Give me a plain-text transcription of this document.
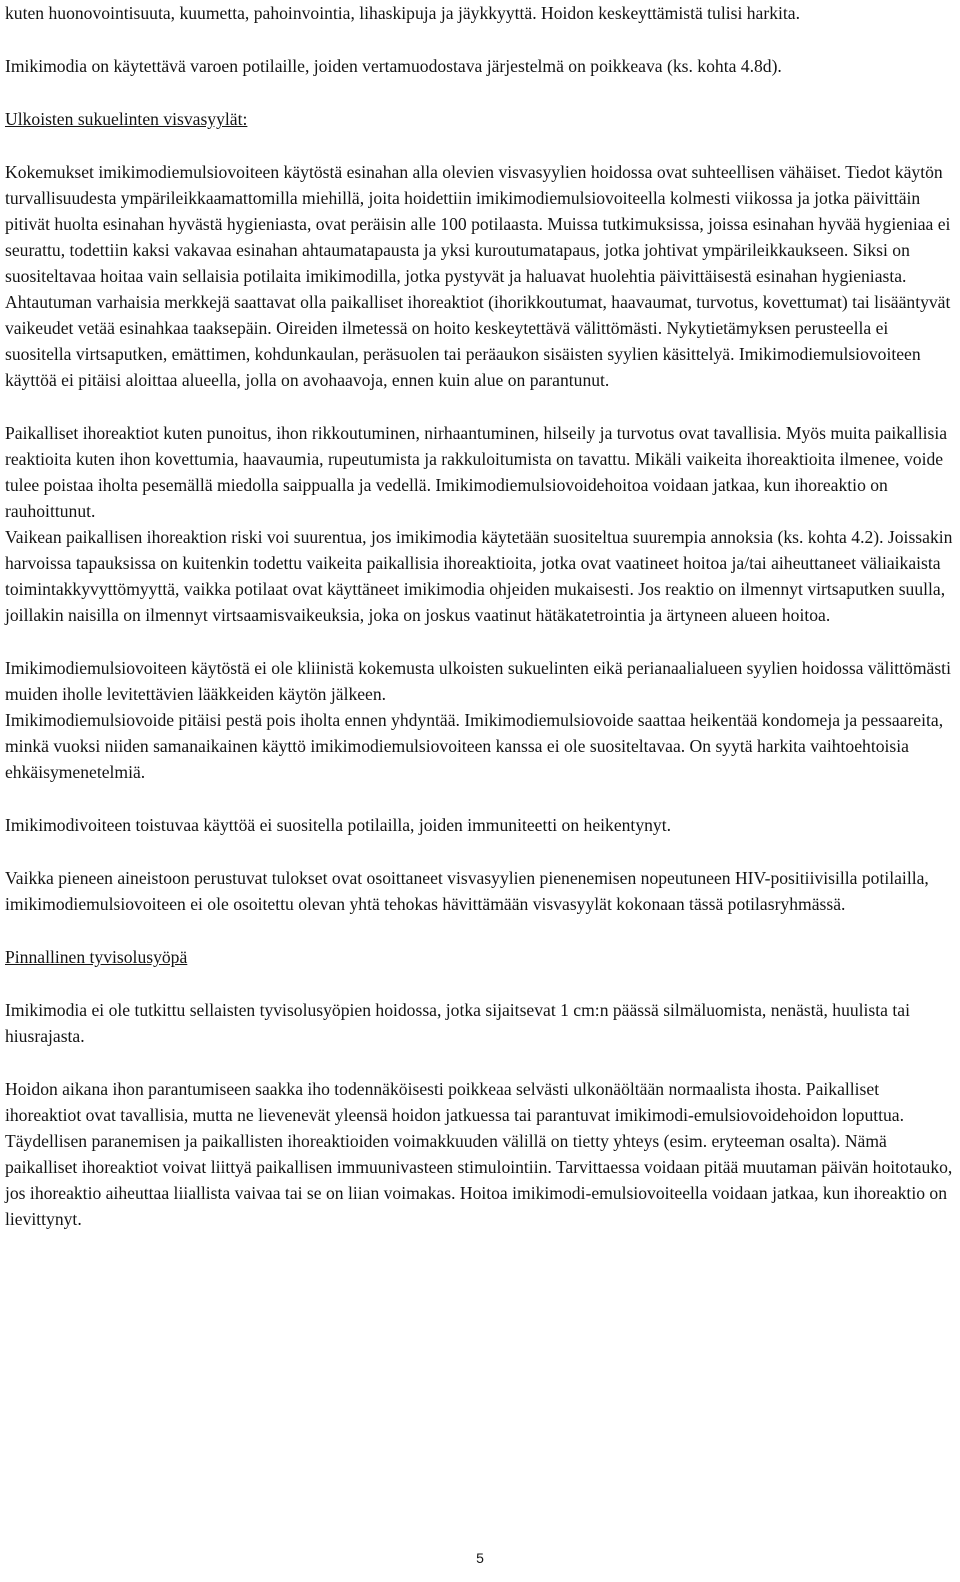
kuten huonovointisuuta, kuumetta, pahoinvointia, lihaskipuja ja jäykkyyttä. Hoidon keskeyttämistä tulisi harkita.

Imikimodia on käytettävä varoen potilaille, joiden vertamuodostava järjestelmä on poikkeava (ks. kohta 4.8d).

Ulkoisten sukuelinten visvasyylät:

Kokemukset imikimodiemulsiovoiteen käytöstä esinahan alla olevien visvasyylien hoidossa ovat suhteellisen vähäiset. Tiedot käytön turvallisuudesta ympärileikkaamattomilla miehillä, joita hoidettiin imikimodiemulsiovoiteella kolmesti viikossa ja jotka päivittäin pitivät huolta esinahan hyvästä hygieniasta, ovat peräisin alle 100 potilaasta. Muissa tutkimuksissa, joissa esinahan hyvää hygieniaa ei seurattu, todettiin kaksi vakavaa esinahan ahtaumatapausta ja yksi kuroutumatapaus, jotka johtivat ympärileikkaukseen. Siksi on suositeltavaa hoitaa vain sellaisia potilaita imikimodilla, jotka pystyvät ja haluavat huolehtia päivittäisestä esinahan hygieniasta. Ahtautuman varhaisia merkkejä saattavat olla paikalliset ihoreaktiot (ihorikkoutumat, haavaumat, turvotus, kovettumat) tai lisääntyvät vaikeudet vetää esinahkaa taaksepäin. Oireiden ilmetessä on hoito keskeytettävä välittömästi. Nykytietämyksen perusteella ei suositella virtsaputken, emättimen, kohdunkaulan, peräsuolen tai peräaukon sisäisten syylien käsittelyä. Imikimodiemulsiovoiteen käyttöä ei pitäisi aloittaa alueella, jolla on avohaavoja, ennen kuin alue on parantunut.

Paikalliset ihoreaktiot kuten punoitus, ihon rikkoutuminen, nirhaantuminen, hilseily ja turvotus ovat tavallisia. Myös muita paikallisia reaktioita kuten ihon kovettumia, haavaumia, rupeutumista ja rakkuloitumista on tavattu. Mikäli vaikeita ihoreaktioita ilmenee, voide tulee poistaa iholta pesemällä miedolla saippualla ja vedellä. Imikimodiemulsiovoidehoitoa voidaan jatkaa, kun ihoreaktio on rauhoittunut.

Vaikean paikallisen ihoreaktion riski voi suurentua, jos imikimodia käytetään suositeltua suurempia annoksia (ks. kohta 4.2). Joissakin harvoissa tapauksissa on kuitenkin todettu vaikeita paikallisia ihoreaktioita, jotka ovat vaatineet hoitoa ja/tai aiheuttaneet väliaikaista toimintakkyvyttömyyttä, vaikka potilaat ovat käyttäneet imikimodia ohjeiden mukaisesti. Jos reaktio on ilmennyt virtsaputken suulla, joillakin naisilla on ilmennyt virtsaamisvaikeuksia, joka on joskus vaatinut hätäkatetrointia ja ärtyneen alueen hoitoa.

Imikimodiemulsiovoiteen käytöstä ei ole kliinistä kokemusta ulkoisten sukuelinten eikä perianaalialueen syylien hoidossa välittömästi muiden iholle levitettävien lääkkeiden käytön jälkeen.

Imikimodiemulsiovoide pitäisi pestä pois iholta ennen yhdyntää. Imikimodiemulsiovoide saattaa heikentää kondomeja ja pessaareita, minkä vuoksi niiden samanaikainen käyttö imikimodiemulsiovoiteen kanssa ei ole suositeltavaa. On syytä harkita vaihtoehtoisia ehkäisymenetelmiä.

Imikimodivoiteen toistuvaa käyttöä ei suositella potilailla, joiden immuniteetti on heikentynyt.

Vaikka pieneen aineistoon perustuvat tulokset ovat osoittaneet visvasyylien pienenemisen nopeutuneen HIV-positiivisilla potilailla, imikimodiemulsiovoiteen ei ole osoitettu olevan yhtä tehokas hävittämään visvasyylät kokonaan tässä potilasryhmässä.

Pinnallinen tyvisolusyöpä

Imikimodia ei ole tutkittu sellaisten tyvisolusyöpien hoidossa, jotka sijaitsevat 1 cm:n päässä silmäluomista, nenästä, huulista tai hiusrajasta.

Hoidon aikana ihon parantumiseen saakka iho todennäköisesti poikkeaa selvästi ulkonäöltään normaalista ihosta. Paikalliset ihoreaktiot ovat tavallisia, mutta ne lievenevät yleensä hoidon jatkuessa tai parantuvat imikimodi-emulsiovoidehoidon loputtua. Täydellisen paranemisen ja paikallisten ihoreaktioiden voimakkuuden välillä on tietty yhteys (esim. eryteeman osalta). Nämä paikalliset ihoreaktiot voivat liittyä paikallisen immuunivasteen stimulointiin. Tarvittaessa voidaan pitää muutaman päivän hoitotauko, jos ihoreaktio aiheuttaa liiallista vaivaa tai se on liian voimakas. Hoitoa imikimodi-emulsiovoiteella voidaan jatkaa, kun ihoreaktio on lievittynyt.

5
